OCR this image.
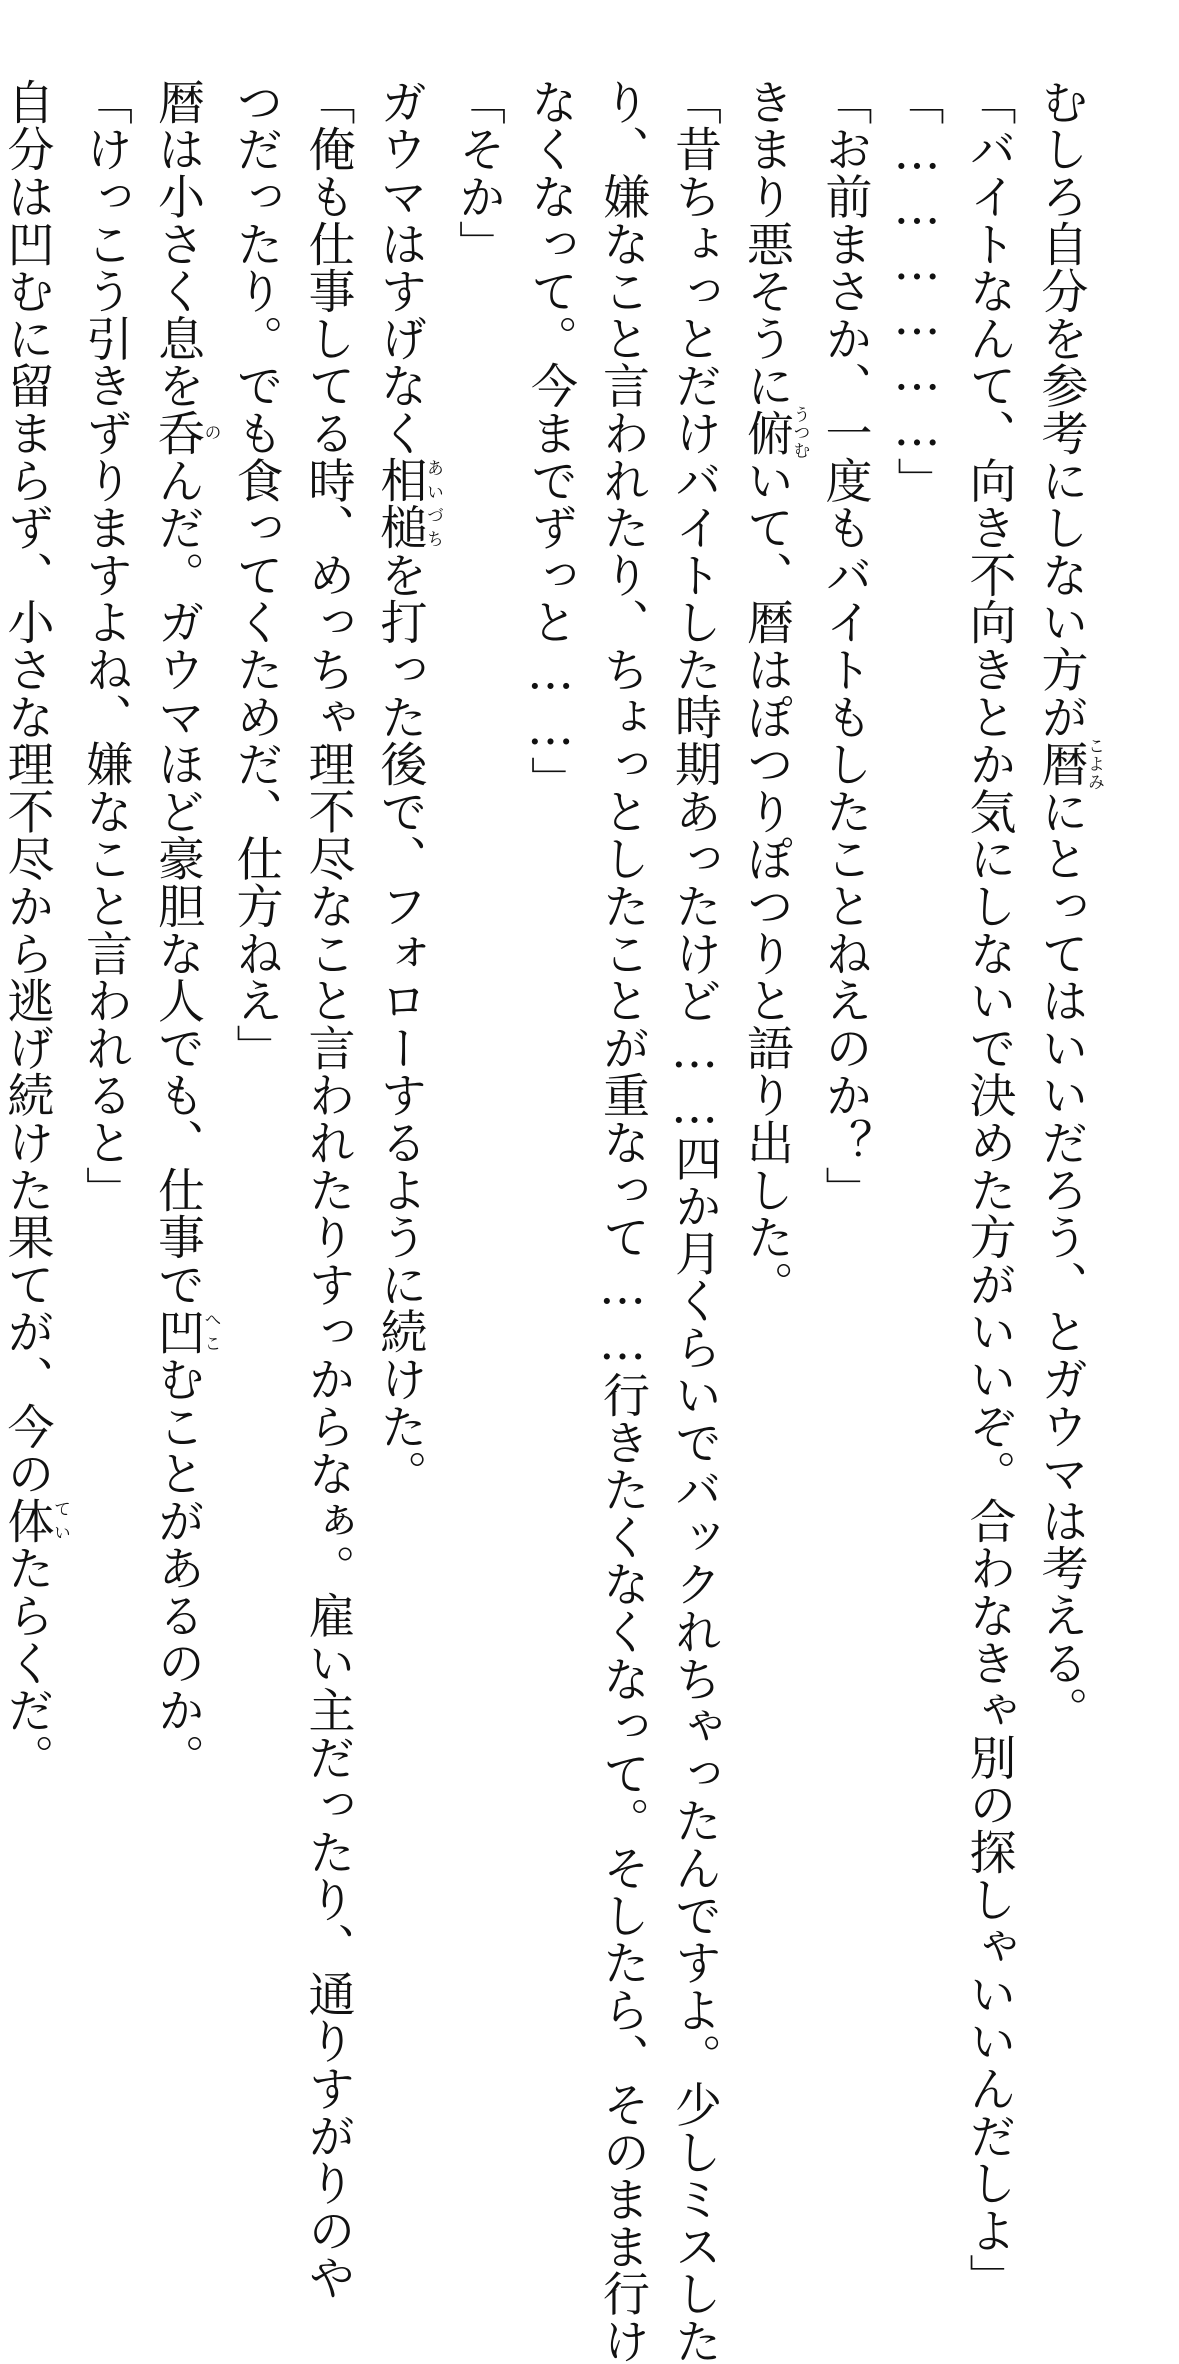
むしろ自分を参考にしない方が暦こよみにとってはいいだろう、とガウマは考える。
「バイトなんて、向き不向きとか気にしないで決めた方がいいぞ。合わなきゃ別の探しゃいいんだしよ」
「………………」
「お前まさか、一度もバイトもしたことねえのか？」
きまり悪そうに俯うつむいて、暦はぽつりぽつりと語り出した。
「昔ちょっとだけバイトした時期あったけど……四か月くらいでバックれちゃったんですよ。少しミスした
り、嫌なこと言われたり、ちょっとしたことが重なって……行きたくなくなって。そしたら、そのまま行け
なくなって。今までずっと……」
「そか」
ガウマはすげなく相槌あいづちを打った後で、フォローするように続けた。
「俺も仕事してる時、めっちゃ理不尽なこと言われたりすっからなぁ。雇い主だったり、通りすがりのや
つだったり。でも食ってくためだ、仕方ねえ」
暦は小さく息を呑のんだ。ガウマほど豪胆な人でも、仕事で凹へこむことがあるのか。
「けっこう引きずりますよね、嫌なこと言われると」
自分は凹むに留まらず、小さな理不尽から逃げ続けた果てが、今の体ていたらくだ。
